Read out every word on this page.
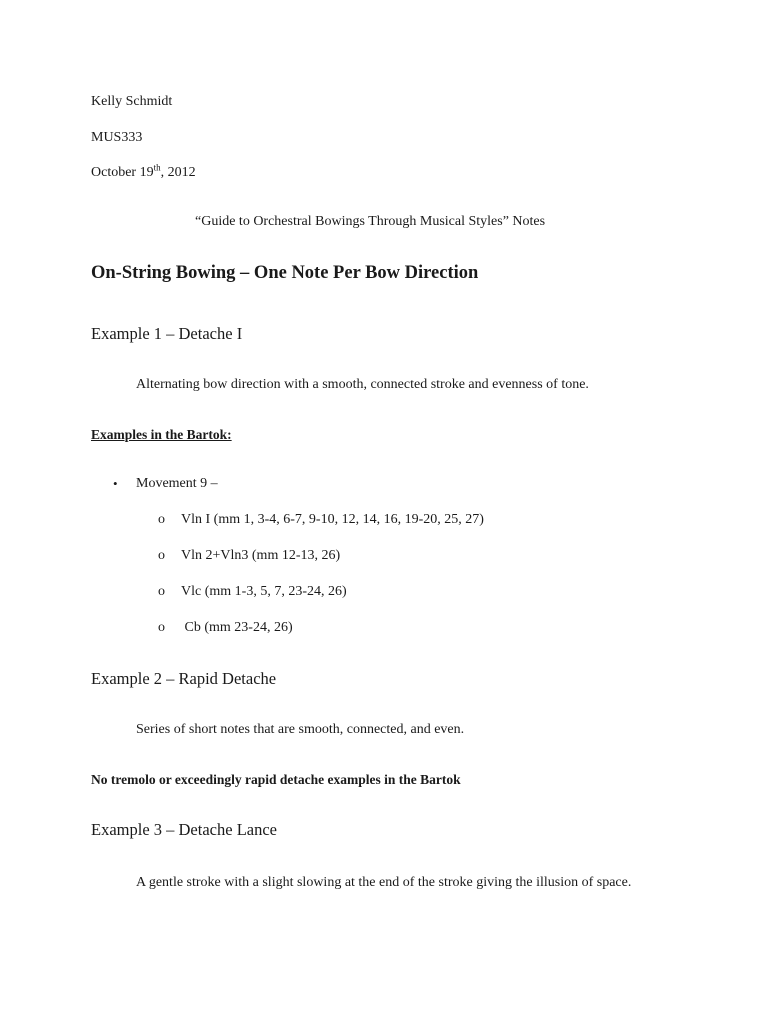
Kelly Schmidt
MUS333
October 19th, 2012
“Guide to Orchestral Bowings Through Musical Styles” Notes
On-String Bowing – One Note Per Bow Direction
Example 1 – Detache I
Alternating bow direction with a smooth, connected stroke and evenness of tone.
Examples in the Bartok:
• Movement 9 –
o Vln I (mm 1, 3-4, 6-7, 9-10, 12, 14, 16, 19-20, 25, 27)
o Vln 2+Vln3 (mm 12-13, 26)
o Vlc (mm 1-3, 5, 7, 23-24, 26)
o Cb (mm 23-24, 26)
Example 2 – Rapid Detache
Series of short notes that are smooth, connected, and even.
No tremolo or exceedingly rapid detache examples in the Bartok
Example 3 – Detache Lance
A gentle stroke with a slight slowing at the end of the stroke giving the illusion of space.
